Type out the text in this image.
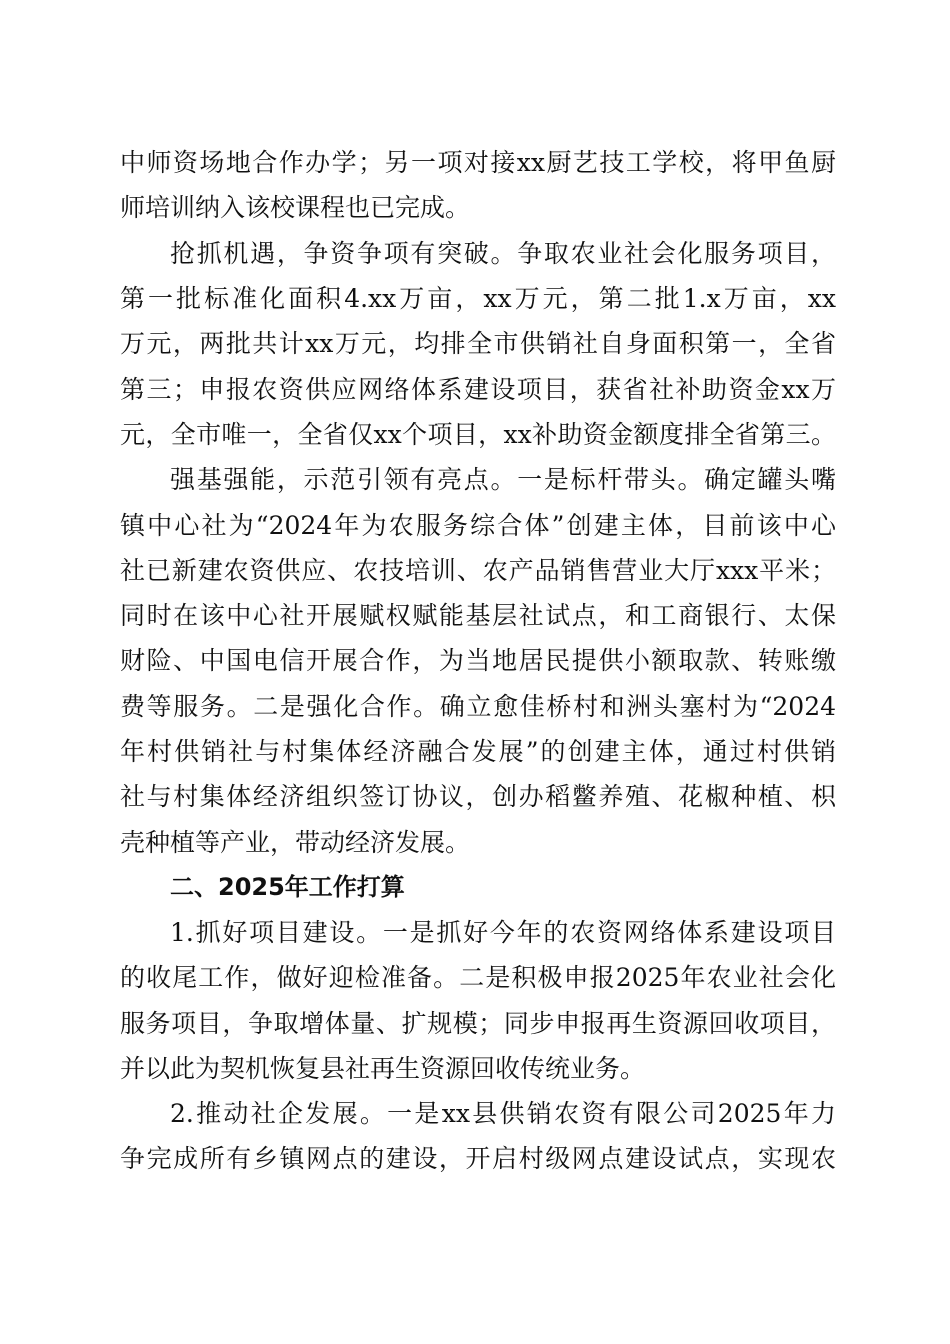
中师资场地合作办学；另一项对接xx厨艺技工学校，将甲鱼厨
师培训纳入该校课程也已完成。
抢抓机遇，争资争项有突破。争取农业社会化服务项目，
第一批标准化面积4.xx万亩，xx万元，第二批1.x万亩，xx
万元，两批共计xx万元，均排全市供销社自身面积第一，全省
第三；申报农资供应网络体系建设项目，获省社补助资金xx万
元，全市唯一，全省仅xx个项目，xx补助资金额度排全省第三。
强基强能，示范引领有亮点。一是标杆带头。确定罐头嘴
镇中心社为“2024年为农服务综合体”创建主体，目前该中心
社已新建农资供应、农技培训、农产品销售营业大厅xxx平米；
同时在该中心社开展赋权赋能基层社试点，和工商银行、太保
财险、中国电信开展合作，为当地居民提供小额取款、转账缴
费等服务。二是强化合作。确立愈佳桥村和洲头塞村为“2024
年村供销社与村集体经济融合发展”的创建主体，通过村供销
社与村集体经济组织签订协议，创办稻鳖养殖、花椒种植、枳
壳种植等产业，带动经济发展。
二、2025年工作打算
1.抓好项目建设。一是抓好今年的农资网络体系建设项目
的收尾工作，做好迎检准备。二是积极申报2025年农业社会化
服务项目，争取增体量、扩规模；同步申报再生资源回收项目，
并以此为契机恢复县社再生资源回收传统业务。
2.推动社企发展。一是xx县供销农资有限公司2025年力
争完成所有乡镇网点的建设，开启村级网点建设试点，实现农
